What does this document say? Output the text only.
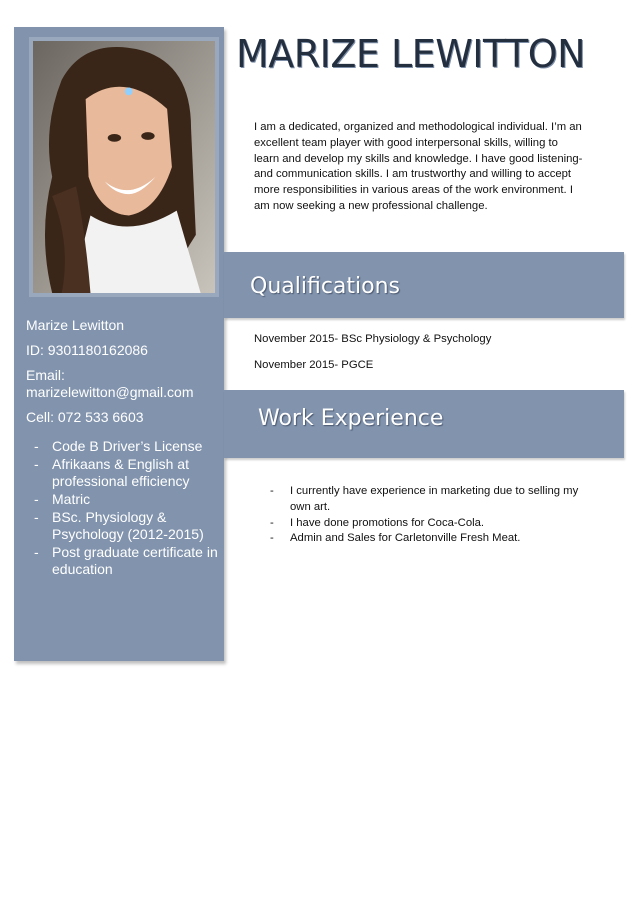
Marize Lewitton

ID: 9301180162086

Email:
marizelewitton@gmail.com

Cell: 072 533 6603

- Code B Driver’s License
- Afrikaans & English at professional efficiency
- Matric
- BSc. Physiology & Psychology (2012-2015)
- Post graduate certificate in education
MARIZE LEWITTON
I am a dedicated, organized and methodological individual. I’m an excellent team player with good interpersonal skills, willing to learn and develop my skills and knowledge. I have good listening- and communication skills. I am trustworthy and willing to accept more responsibilities in various areas of the work environment. I am now seeking a new professional challenge.
Qualifications

November 2015- BSc Physiology & Psychology

November 2015- PGCE

Work Experience
- I currently have experience in marketing due to selling my own art.
- I have done promotions for Coca-Cola.
- Admin and Sales for Carletonville Fresh Meat.
